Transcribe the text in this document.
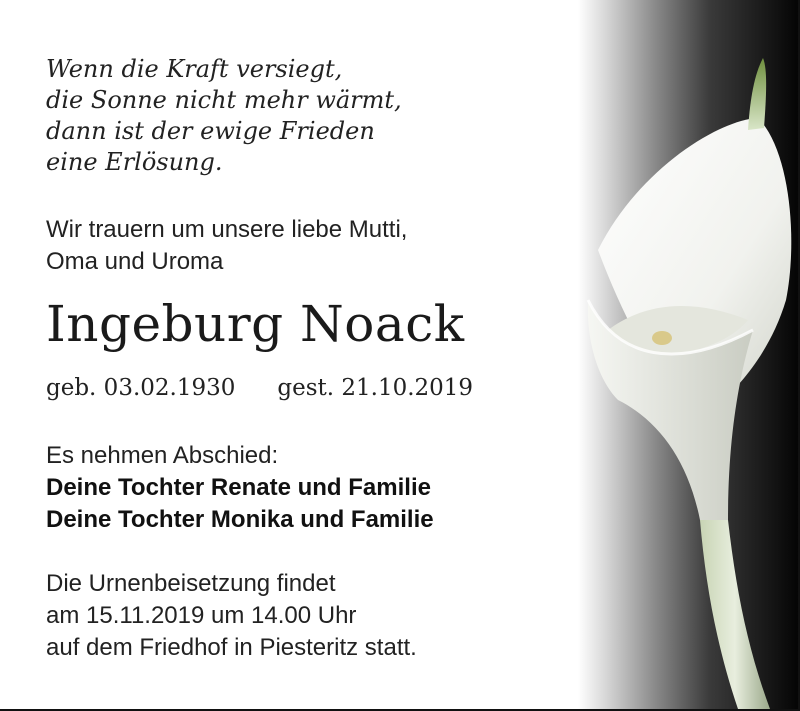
Wenn die Kraft versiegt,
die Sonne nicht mehr wärmt,
dann ist der ewige Frieden
eine Erlösung.
Wir trauern um unsere liebe Mutti,
Oma und Uroma
Ingeburg Noack
geb. 03.02.1930 gest. 21.10.2019
Es nehmen Abschied:
Deine Tochter Renate und Familie
Deine Tochter Monika und Familie
Die Urnenbeisetzung findet
am 15.11.2019 um 14.00 Uhr
auf dem Friedhof in Piesteritz statt.
